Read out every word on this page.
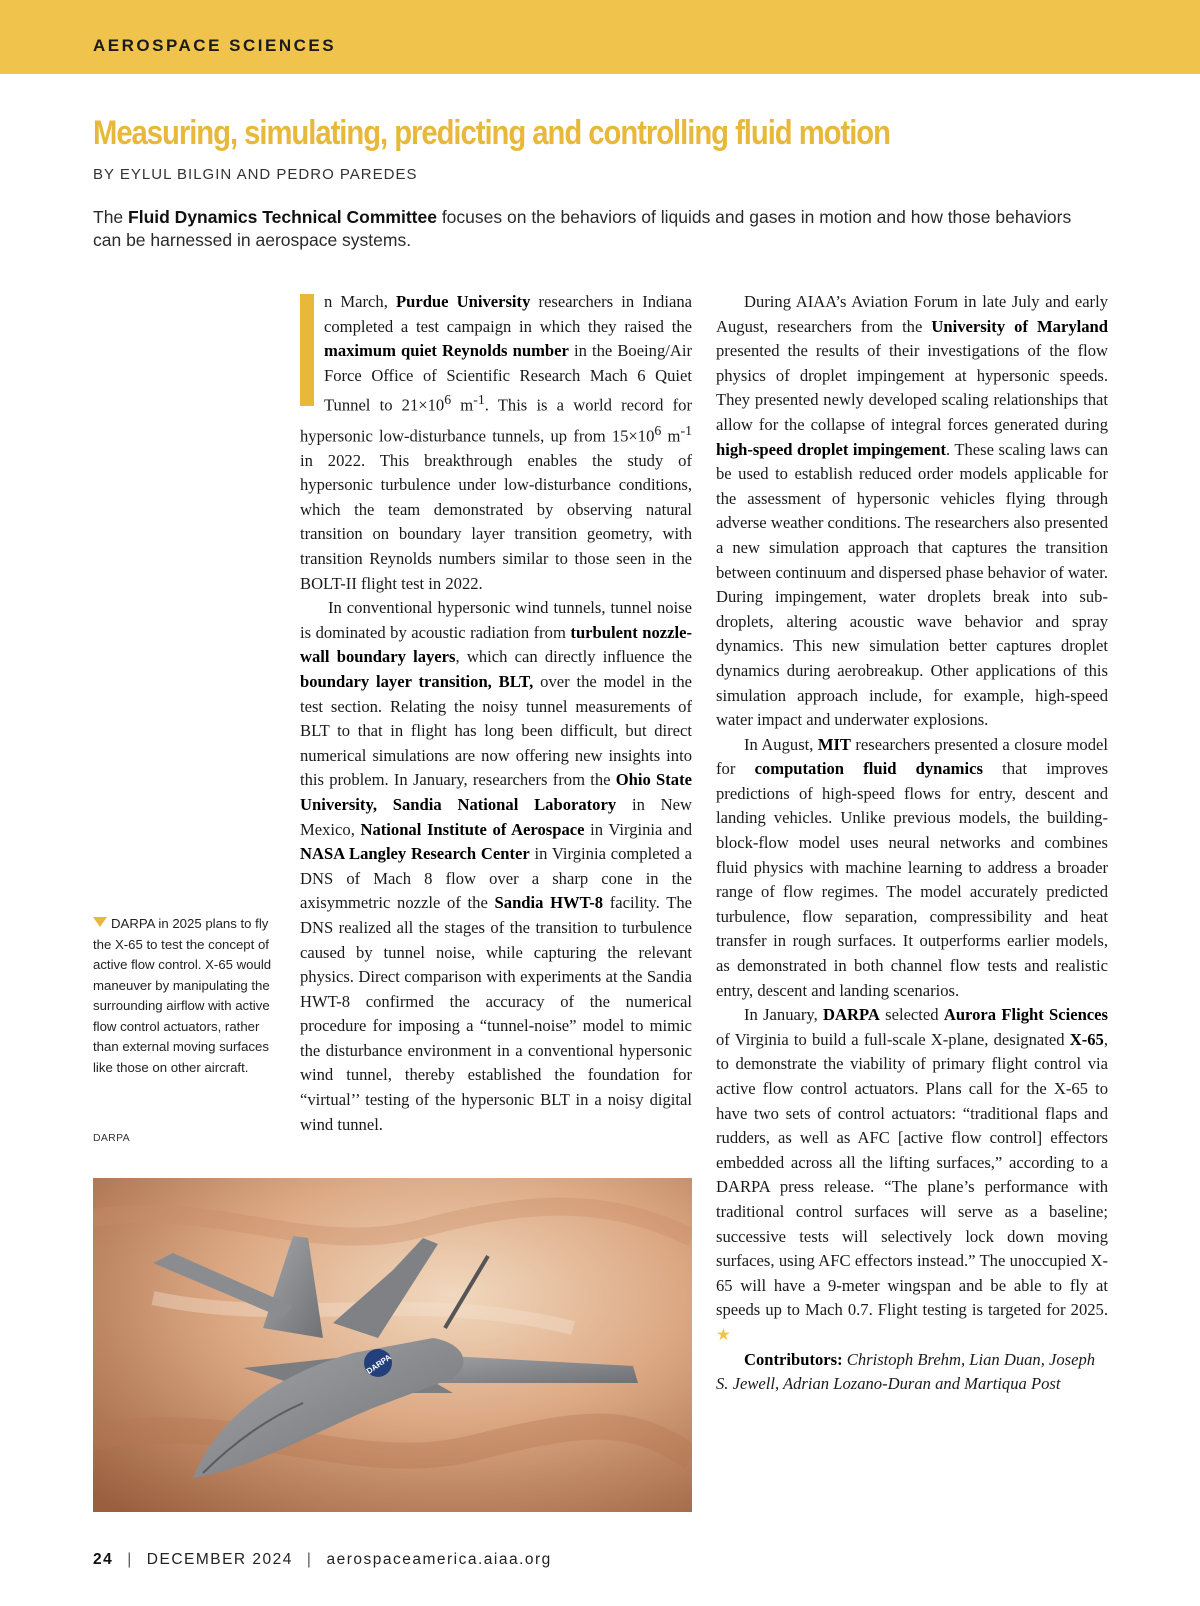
AEROSPACE SCIENCES
Measuring, simulating, predicting and controlling fluid motion
BY EYLUL BILGIN AND PEDRO PAREDES
The Fluid Dynamics Technical Committee focuses on the behaviors of liquids and gases in motion and how those behaviors can be harnessed in aerospace systems.

n March, Purdue University researchers in Indiana completed a test campaign in which they raised the maximum quiet Reynolds number in the Boeing/Air Force Office of Scientific Research Mach 6 Quiet Tunnel to $21\times 10^6$ $m^{-1}$. This is a world record for hypersonic low-disturbance tunnels, up from $15\times 10^6$ $m^{-1}$ in 2022. This breakthrough enables the study of hypersonic turbulence under low-disturbance conditions, which the team demonstrated by observing natural transition on boundary layer transition geometry, with transition Reynolds numbers similar to those seen in the BOLT-II flight test in 2022.

In conventional hypersonic wind tunnels, tunnel noise is dominated by acoustic radiation from turbulent nozzle-wall boundary layers, which can directly influence the boundary layer transition, BLT, over the model in the test section. Relating the noisy tunnel measurements of BLT to that in flight has long been difficult, but direct numerical simulations are now offering new insights into this problem. In January, researchers from the Ohio State University, Sandia National Laboratory in New Mexico, National Institute of Aerospace in Virginia and NASA Langley Research Center in Virginia completed a DNS of Mach 8 flow over a sharp cone in the axisymmetric nozzle of the Sandia HWT-8 facility. The DNS realized all the stages of the transition to turbulence caused by tunnel noise, while capturing the relevant physics. Direct comparison with experiments at the Sandia HWT-8 confirmed the accuracy of the numerical procedure for imposing a “tunnel-noise” model to mimic the disturbance environment in a conventional hypersonic wind tunnel, thereby established the foundation for “virtual’’ testing of the hypersonic BLT in a noisy digital wind tunnel.

During AIAA’s Aviation Forum in late July and early August, researchers from the University of Maryland presented the results of their investigations of the flow physics of droplet impingement at hypersonic speeds. They presented newly developed scaling relationships that allow for the collapse of integral forces generated during high-speed droplet impingement. These scaling laws can be used to establish reduced order models applicable for the assessment of hypersonic vehicles flying through adverse weather conditions. The researchers also presented a new simulation approach that captures the transition between continuum and dispersed phase behavior of water. During impingement, water droplets break into sub-droplets, altering acoustic wave behavior and spray dynamics. This new simulation better captures droplet dynamics during aerobreakup. Other applications of this simulation approach include, for example, high-speed water impact and underwater explosions.

In August, MIT researchers presented a closure model for computation fluid dynamics that improves predictions of high-speed flows for entry, descent and landing vehicles. Unlike previous models, the building-block-flow model uses neural networks and combines fluid physics with machine learning to address a broader range of flow regimes. The model accurately predicted turbulence, flow separation, compressibility and heat transfer in rough surfaces. It outperforms earlier models, as demonstrated in both channel flow tests and realistic entry, descent and landing scenarios.

In January, DARPA selected Aurora Flight Sciences of Virginia to build a full-scale X-plane, designated X-65, to demonstrate the viability of primary flight control via active flow control actuators. Plans call for the X-65 to have two sets of control actuators: “traditional flaps and rudders, as well as AFC [active flow control] effectors embedded across all the lifting surfaces,” according to a DARPA press release. “The plane’s performance with traditional control surfaces will serve as a baseline; successive tests will selectively lock down moving surfaces, using AFC effectors instead.” The unoccupied X-65 will have a 9-meter wingspan and be able to fly at speeds up to Mach 0.7. Flight testing is targeted for 2025. ★

Contributors: Christoph Brehm, Lian Duan, Joseph S. Jewell, Adrian Lozano-Duran and Martiqua Post

DARPA in 2025 plans to fly the X-65 to test the concept of active flow control. X-65 would maneuver by manipulating the surrounding airflow with active flow control actuators, rather than external moving surfaces like those on other aircraft.
DARPA
DARPA
24 | DECEMBER 2024 | aerospaceamerica.aiaa.org
